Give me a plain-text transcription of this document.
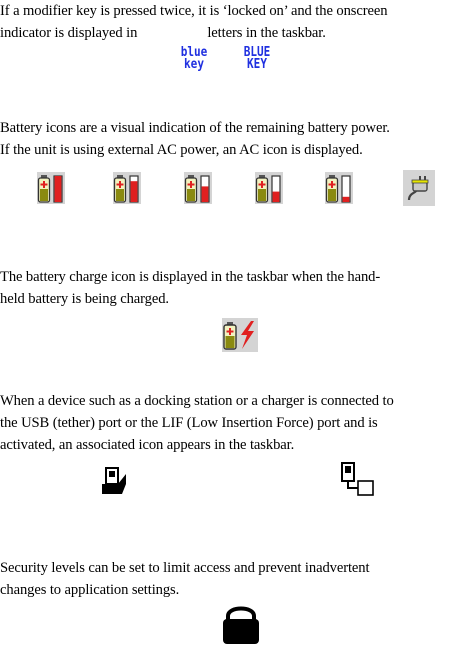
If a modifier key is pressed twice, it is ‘locked on’ and the onscreen
indicator is displayed in	letters in the taskbar.
blue
key
BLUE
KEY
Battery icons are a visual indication of the remaining battery power.
If the unit is using external AC power, an AC icon is displayed.
The battery charge icon is displayed in the taskbar when the hand-
held battery is being charged.
When a device such as a docking station or a charger is connected to
the USB (tether) port or the LIF (Low Insertion Force) port and is
activated, an associated icon appears in the taskbar.
Security levels can be set to limit access and prevent inadvertent
changes to application settings.
